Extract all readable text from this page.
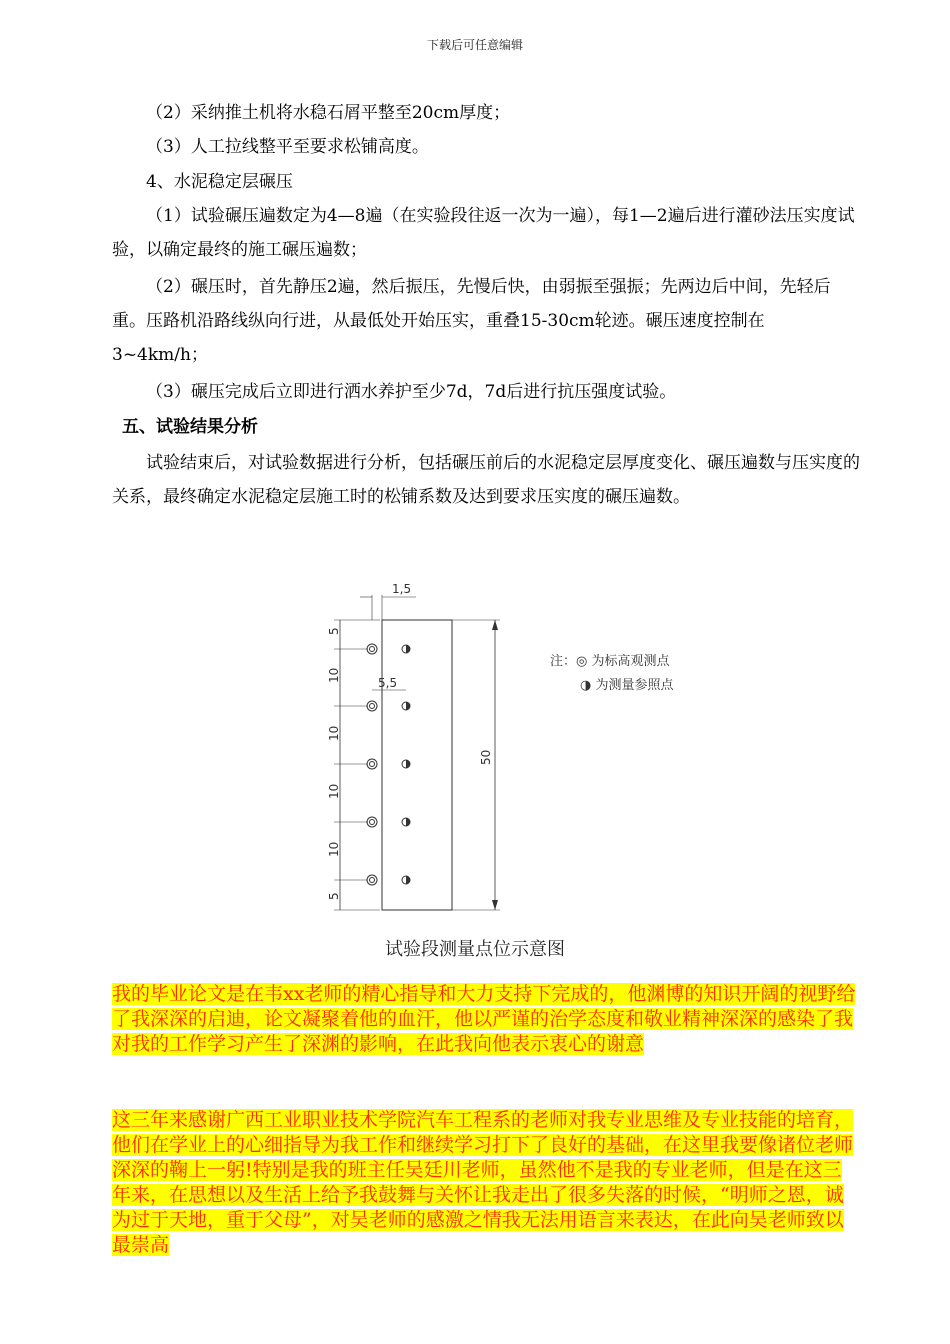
下载后可任意编辑

（2）采纳推土机将水稳石屑平整至20cm厚度；

（3）人工拉线整平至要求松铺高度。

4、水泥稳定层碾压

（1）试验碾压遍数定为4—8遍（在实验段往返一次为一遍），每1—2遍后进行灌砂法压实度试验，以确定最终的施工碾压遍数；

（2）碾压时，首先静压2遍，然后振压，先慢后快，由弱振至强振；先两边后中间，先轻后重。压路机沿路线纵向行进，从最低处开始压实，重叠15-30cm轮迹。碾压速度控制在3~4km/h；

（3）碾压完成后立即进行洒水养护至少7d，7d后进行抗压强度试验。

五、试验结果分析

试验结束后，对试验数据进行分析，包括碾压前后的水泥稳定层厚度变化、碾压遍数与压实度的关系，最终确定水泥稳定层施工时的松铺系数及达到要求压实度的碾压遍数。

50
1,5
5,5
5
10
10
10
10
5
注：◎ 为标高观测点
◑ 为测量参照点
试验段测量点位示意图

我的毕业论文是在韦xx老师的精心指导和大力支持下完成的，他渊博的知识开阔的视野给了我深深的启迪，论文凝聚着他的血汗，他以严谨的治学态度和敬业精神深深的感染了我对我的工作学习产生了深渊的影响，在此我向他表示衷心的谢意

这三年来感谢广西工业职业技术学院汽车工程系的老师对我专业思维及专业技能的培育，他们在学业上的心细指导为我工作和继续学习打下了良好的基础，在这里我要像诸位老师深深的鞠上一躬!特别是我的班主任吴廷川老师，虽然他不是我的专业老师，但是在这三年来，在思想以及生活上给予我鼓舞与关怀让我走出了很多失落的时候，“明师之恩，诚为过于天地，重于父母”，对吴老师的感激之情我无法用语言来表达，在此向吴老师致以最崇高
